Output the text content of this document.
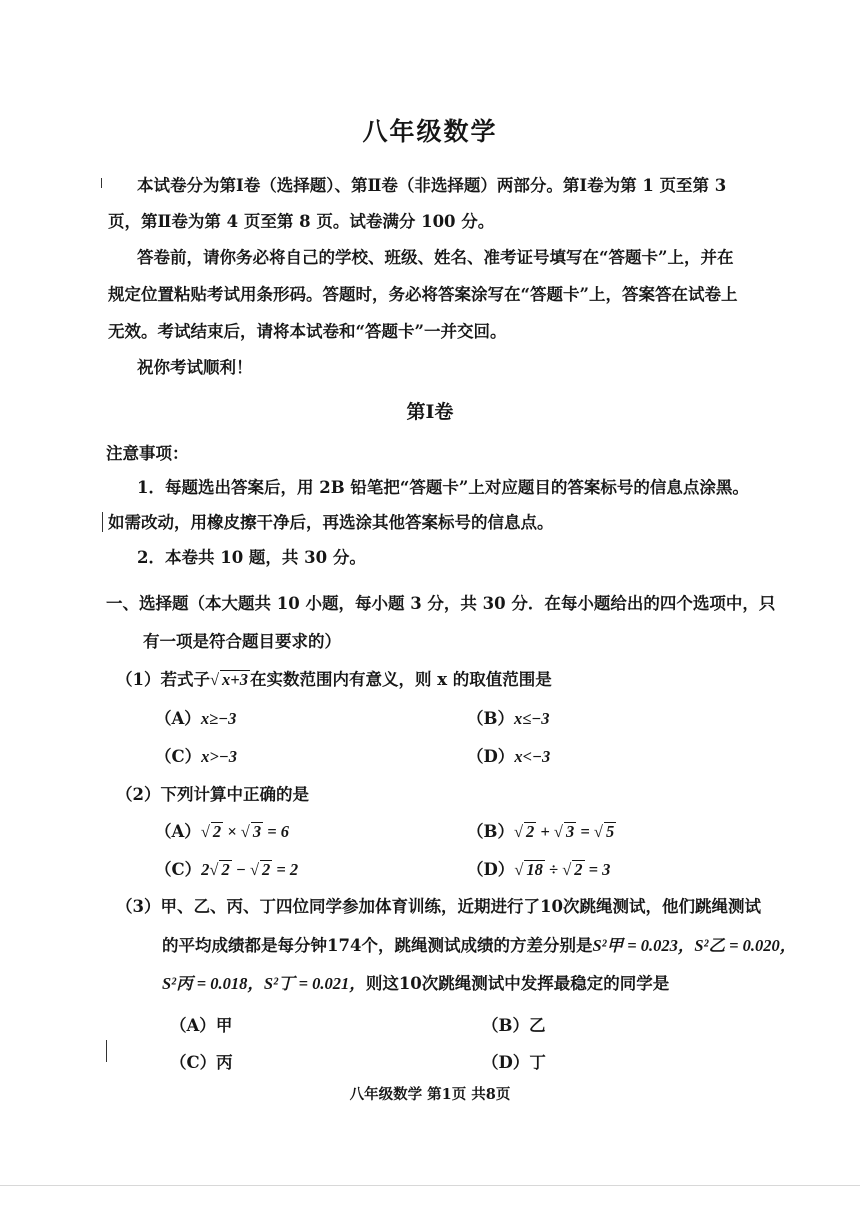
八年级数学
本试卷分为第Ⅰ卷（选择题）、第Ⅱ卷（非选择题）两部分。第Ⅰ卷为第 1 页至第 3
页，第Ⅱ卷为第 4 页至第 8 页。试卷满分 100 分。
答卷前，请你务必将自己的学校、班级、姓名、准考证号填写在“答题卡”上，并在
规定位置粘贴考试用条形码。答题时，务必将答案涂写在“答题卡”上，答案答在试卷上
无效。考试结束后，请将本试卷和“答题卡”一并交回。
祝你考试顺利！
第Ⅰ卷
注意事项：
1．每题选出答案后，用 2B 铅笔把“答题卡”上对应题目的答案标号的信息点涂黑。
如需改动，用橡皮擦干净后，再选涂其他答案标号的信息点。
2．本卷共 10 题，共 30 分。
一、选择题（本大题共 10 小题，每小题 3 分，共 30 分．在每小题给出的四个选项中，只
有一项是符合题目要求的）
（1）若式子√ x+3 在实数范围内有意义，则 x 的取值范围是
（A）x≥−3	（B）x≤−3
（C）x>−3	（D）x<−3
（2）下列计算中正确的是
（A）√ 2 × √ 3 = 6	（B）√ 2 + √ 3 = √ 5
（C）2√ 2 − √ 2 = 2	（D）√ 18 ÷ √ 2 = 3
（3）甲、乙、丙、丁四位同学参加体育训练，近期进行了10次跳绳测试，他们跳绳测试
的平均成绩都是每分钟174个，跳绳测试成绩的方差分别是S²甲 = 0.023，S²乙 = 0.020，
S²丙 = 0.018，S²丁 = 0.021，则这10次跳绳测试中发挥最稳定的同学是
（A）甲	（B）乙
（C）丙	（D）丁
八年级数学 第1页 共8页
